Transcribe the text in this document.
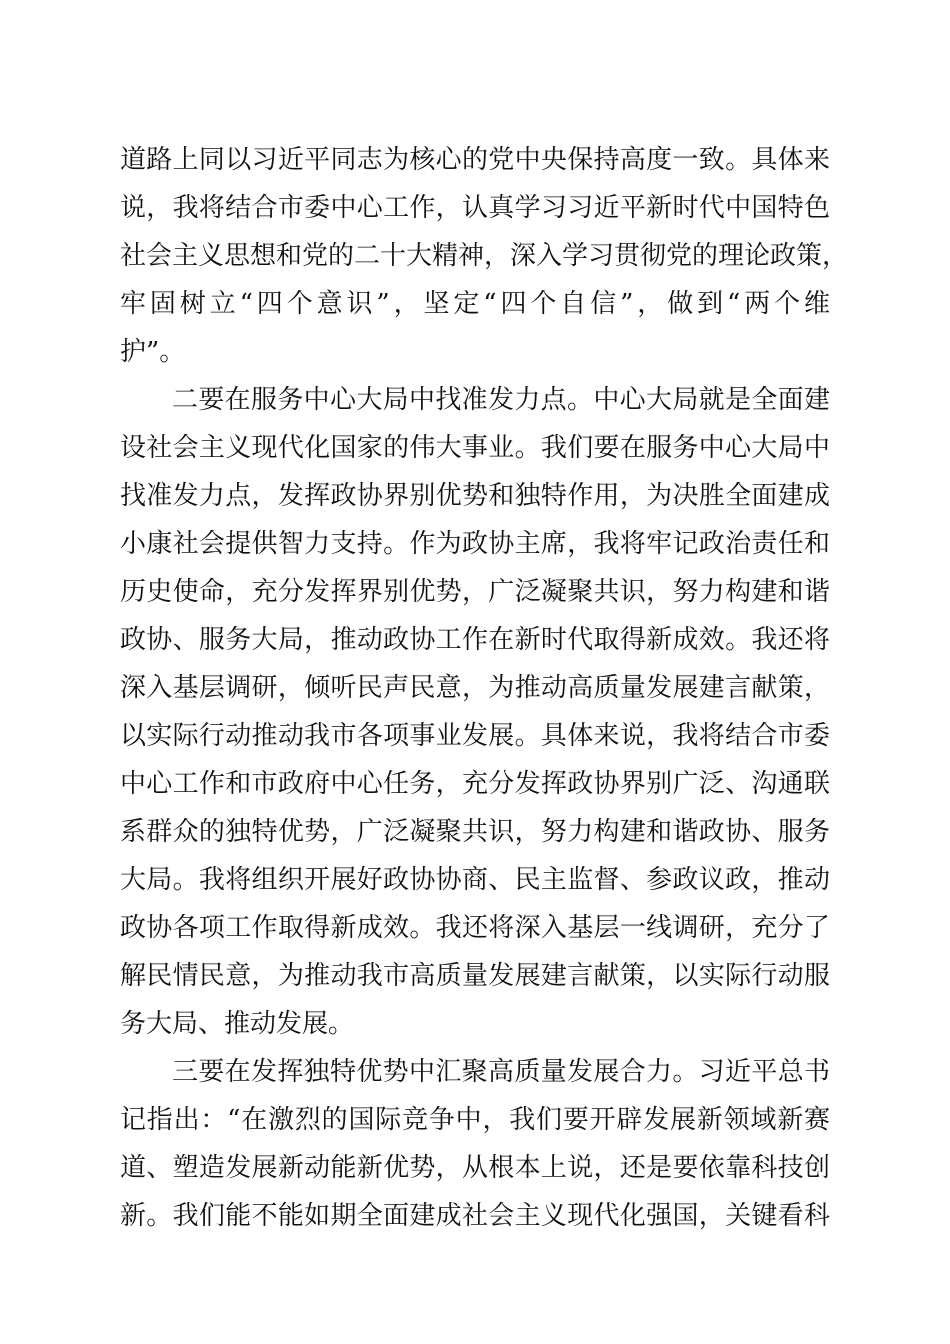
道路上同以习近平同志为核心的党中央保持高度一致。具体来
说，我将结合市委中心工作，认真学习习近平新时代中国特色
社会主义思想和党的二十大精神，深入学习贯彻党的理论政策，
牢固树立“四个意识”，坚定“四个自信”，做到“两个维
护”。
二要在服务中心大局中找准发力点。中心大局就是全面建
设社会主义现代化国家的伟大事业。我们要在服务中心大局中
找准发力点，发挥政协界别优势和独特作用，为决胜全面建成
小康社会提供智力支持。作为政协主席，我将牢记政治责任和
历史使命，充分发挥界别优势，广泛凝聚共识，努力构建和谐
政协、服务大局，推动政协工作在新时代取得新成效。我还将
深入基层调研，倾听民声民意，为推动高质量发展建言献策，
以实际行动推动我市各项事业发展。具体来说，我将结合市委
中心工作和市政府中心任务，充分发挥政协界别广泛、沟通联
系群众的独特优势，广泛凝聚共识，努力构建和谐政协、服务
大局。我将组织开展好政协协商、民主监督、参政议政，推动
政协各项工作取得新成效。我还将深入基层一线调研，充分了
解民情民意，为推动我市高质量发展建言献策，以实际行动服
务大局、推动发展。
三要在发挥独特优势中汇聚高质量发展合力。习近平总书
记指出：“在激烈的国际竞争中，我们要开辟发展新领域新赛
道、塑造发展新动能新优势，从根本上说，还是要依靠科技创
新。我们能不能如期全面建成社会主义现代化强国，关键看科
